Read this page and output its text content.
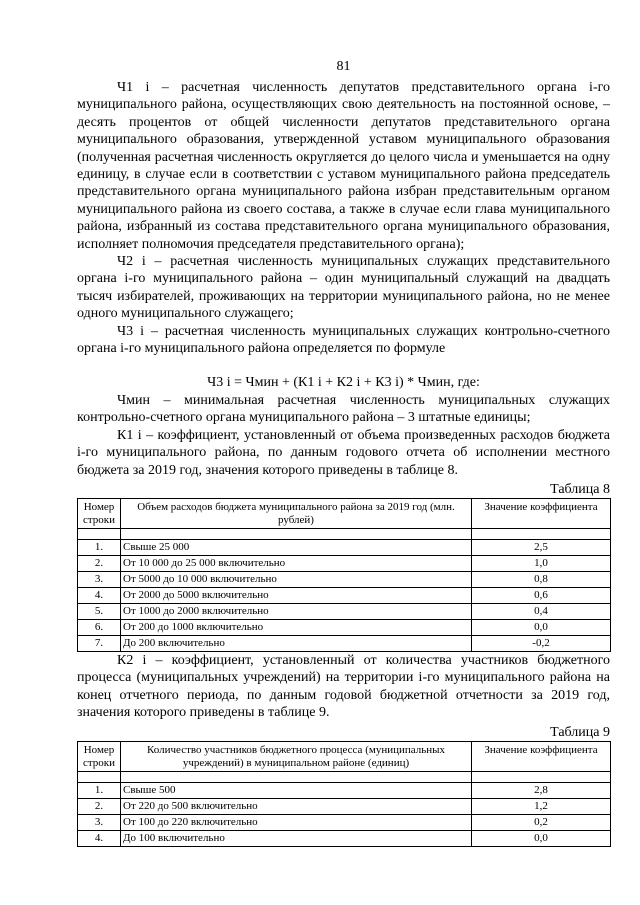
81

Ч1 i – расчетная численность депутатов представительного органа i-го муниципального района, осуществляющих свою деятельность на постоянной основе, – десять процентов от общей численности депутатов представительного органа муниципального образования, утвержденной уставом муниципального образования (полученная расчетная численность округляется до целого числа и уменьшается на одну единицу, в случае если в соответствии с уставом муниципального района председатель представительного органа муниципального района избран представительным органом муниципального района из своего состава, а также в случае если глава муниципального района, избранный из состава представительного органа муниципального образования, исполняет полномочия председателя представительного органа);

Ч2 i – расчетная численность муниципальных служащих представительного органа i-го муниципального района – один муниципальный служащий на двадцать тысяч избирателей, проживающих на территории муниципального района, но не менее одного муниципального служащего;

Ч3 i – расчетная численность муниципальных служащих контрольно-счетного органа i-го муниципального района определяется по формуле

Ч3 i = Чмин + (К1 i + К2 i + К3 i) * Чмин, где:

Чмин – минимальная расчетная численность муниципальных служащих контрольно-счетного органа муниципального района – 3 штатные единицы;

К1 i – коэффициент, установленный от объема произведенных расходов бюджета i-го муниципального района, по данным годового отчета об исполнении местного бюджета за 2019 год, значения которого приведены в таблице 8.

Таблица 8
Номер строки	Объем расходов бюджета муниципального района за 2019 год (млн. рублей)	Значение коэффициента

1.	Свыше 25 000	2,5
2.	От 10 000 до 25 000 включительно	1,0
3.	От 5000 до 10 000 включительно	0,8
4.	От 2000 до 5000 включительно	0,6
5.	От 1000 до 2000 включительно	0,4
6.	От 200 до 1000 включительно	0,0
7.	До 200 включительно	-0,2

К2 i – коэффициент, установленный от количества участников бюджетного процесса (муниципальных учреждений) на территории i-го муниципального района на конец отчетного периода, по данным годовой бюджетной отчетности за 2019 год, значения которого приведены в таблице 9.

Таблица 9
Номер строки	Количество участников бюджетного процесса (муниципальных учреждений) в муниципальном районе (единиц)	Значение коэффициента

1.	Свыше 500	2,8
2.	От 220 до 500 включительно	1,2
3.	От 100 до 220 включительно	0,2
4.	До 100 включительно	0,0
